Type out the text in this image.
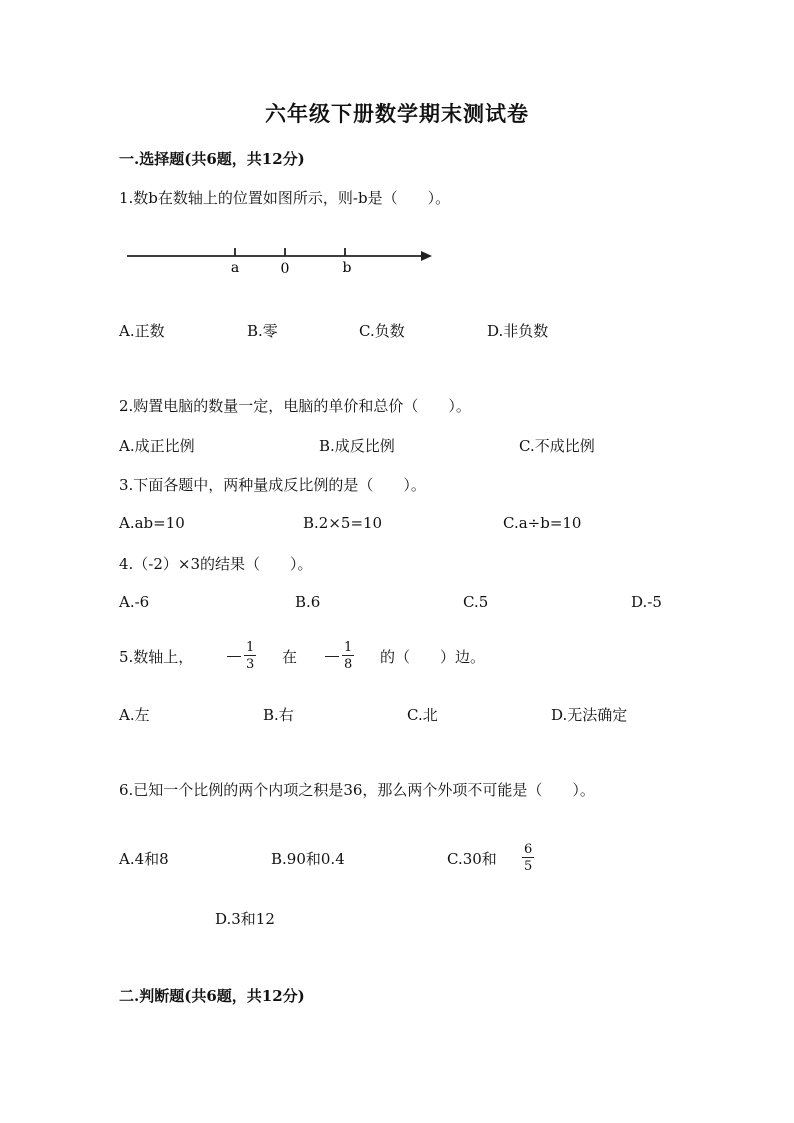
六年级下册数学期末测试卷
一.选择题(共6题，共12分)
1.数b在数轴上的位置如图所示，则-b是（　　）。
a	0	b
A.正数	B.零	C.负数	D.非负数
2.购置电脑的数量一定，电脑的单价和总价（　　）。
A.成正比例	B.成反比例	C.不成比例
3.下面各题中，两种量成反比例的是（　　）。
A.ab=10	B.2×5=10	C.a÷b=10
4.（-2）×3的结果（　　）。
A.-6	B.6	C.5	D.-5
5.数轴上，	$\frac{1}{3}$ 在	$\frac{1}{8}$ 的（　　）边。
A.左	B.右	C.北	D.无法确定
6.已知一个比例的两个内项之积是36，那么两个外项不可能是（　　）。
A.4和8	B.90和0.4	C.30和 $\frac{6}{5}$
D.3和12
二.判断题(共6题，共12分)
